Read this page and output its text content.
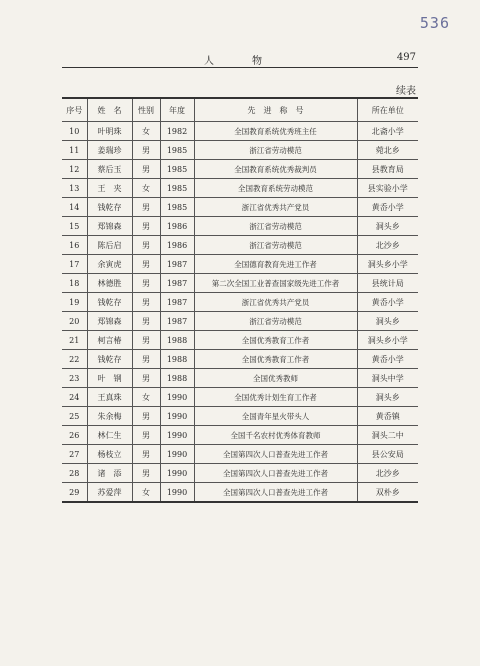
536
人　物	497
续表
序号	姓　名	性别	年度	先　进　称　号	所在单位
10	叶明珠	女	1982	全国教育系统优秀班主任	北斋小学
11	姜瑞珍	男	1985	浙江省劳动模范	菀北乡
12	蔡后玉	男	1985	全国教育系统优秀裁判员	县教育局
13	王　夹	女	1985	全国教育系统劳动模范	县实验小学
14	钱乾存	男	1985	浙江省优秀共产党员	黄岙小学
15	郑锦森	男	1986	浙江省劳动模范	洞头乡
16	陈后启	男	1986	浙江省劳动模范	北沙乡
17	余寅虎	男	1987	全国德育教育先进工作者	洞头乡小学
18	林德胜	男	1987	第二次全国工业普查国家级先进工作者	县统计局
19	钱乾存	男	1987	浙江省优秀共产党员	黄岙小学
20	郑锦森	男	1987	浙江省劳动模范	洞头乡
21	柯言椿	男	1988	全国优秀教育工作者	洞头乡小学
22	钱乾存	男	1988	全国优秀教育工作者	黄岙小学
23	叶　钢	男	1988	全国优秀教师	洞头中学
24	王真珠	女	1990	全国优秀计划生育工作者	洞头乡
25	朱余梅	男	1990	全国青年星火带头人	黄岙镇
26	林仁生	男	1990	全国千名农村优秀体育教师	洞头二中
27	杨枝立	男	1990	全国第四次人口普查先进工作者	县公安局
28	诸　添	男	1990	全国第四次人口普查先进工作者	北沙乡
29	苏爱萍	女	1990	全国第四次人口普查先进工作者	双朴乡
